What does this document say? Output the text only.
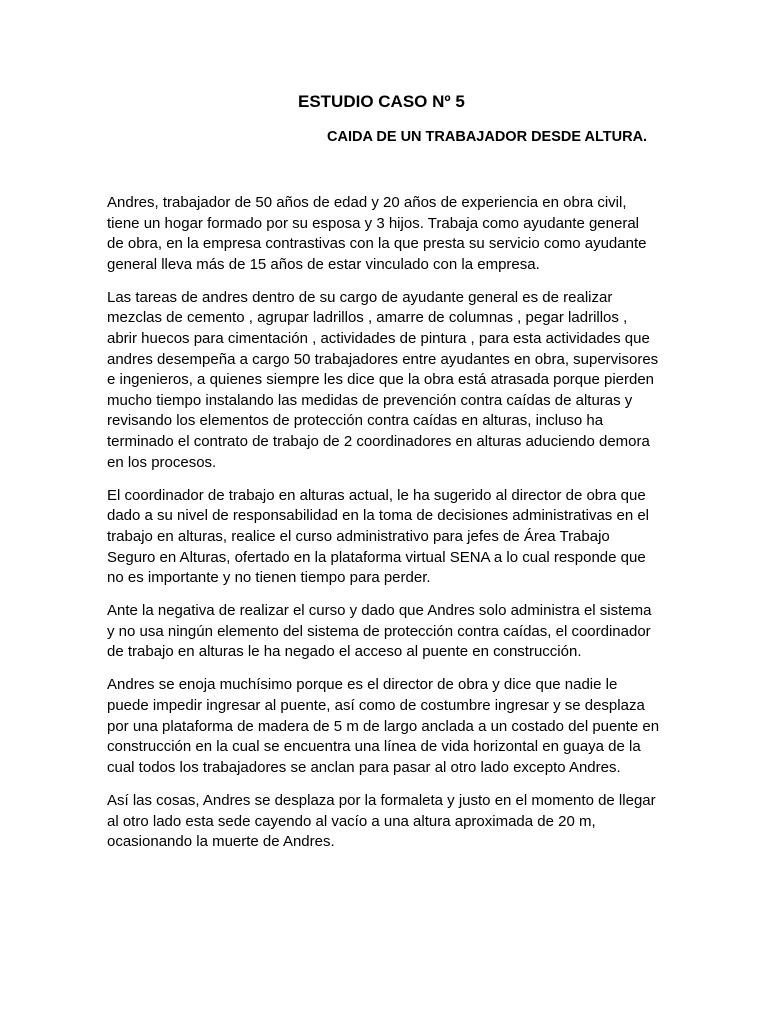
ESTUDIO CASO Nº 5
CAIDA DE UN TRABAJADOR DESDE ALTURA.

Andres, trabajador de 50 años de edad y 20 años de experiencia en obra civil,
tiene un hogar formado por su esposa y 3 hijos. Trabaja como ayudante general
de obra, en la empresa contrastivas con la que presta su servicio como ayudante
general lleva más de 15 años de estar vinculado con la empresa.

Las tareas de andres dentro de su cargo de ayudante general es de realizar
mezclas de cemento , agrupar ladrillos , amarre de columnas , pegar ladrillos ,
abrir huecos para cimentación , actividades de pintura , para esta actividades que
andres desempeña a cargo 50 trabajadores entre ayudantes en obra, supervisores
e ingenieros, a quienes siempre les dice que la obra está atrasada porque pierden
mucho tiempo instalando las medidas de prevención contra caídas de alturas y
revisando los elementos de protección contra caídas en alturas, incluso ha
terminado el contrato de trabajo de 2 coordinadores en alturas aduciendo demora
en los procesos.

El coordinador de trabajo en alturas actual, le ha sugerido al director de obra que
dado a su nivel de responsabilidad en la toma de decisiones administrativas en el
trabajo en alturas, realice el curso administrativo para jefes de Área Trabajo
Seguro en Alturas, ofertado en la plataforma virtual SENA a lo cual responde que
no es importante y no tienen tiempo para perder.

Ante la negativa de realizar el curso y dado que Andres solo administra el sistema
y no usa ningún elemento del sistema de protección contra caídas, el coordinador
de trabajo en alturas le ha negado el acceso al puente en construcción.

Andres se enoja muchísimo porque es el director de obra y dice que nadie le
puede impedir ingresar al puente, así como de costumbre ingresar y se desplaza
por una plataforma de madera de 5 m de largo anclada a un costado del puente en
construcción en la cual se encuentra una línea de vida horizontal en guaya de la
cual todos los trabajadores se anclan para pasar al otro lado excepto Andres.

Así las cosas, Andres se desplaza por la formaleta y justo en el momento de llegar
al otro lado esta sede cayendo al vacío a una altura aproximada de 20 m,
ocasionando la muerte de Andres.
